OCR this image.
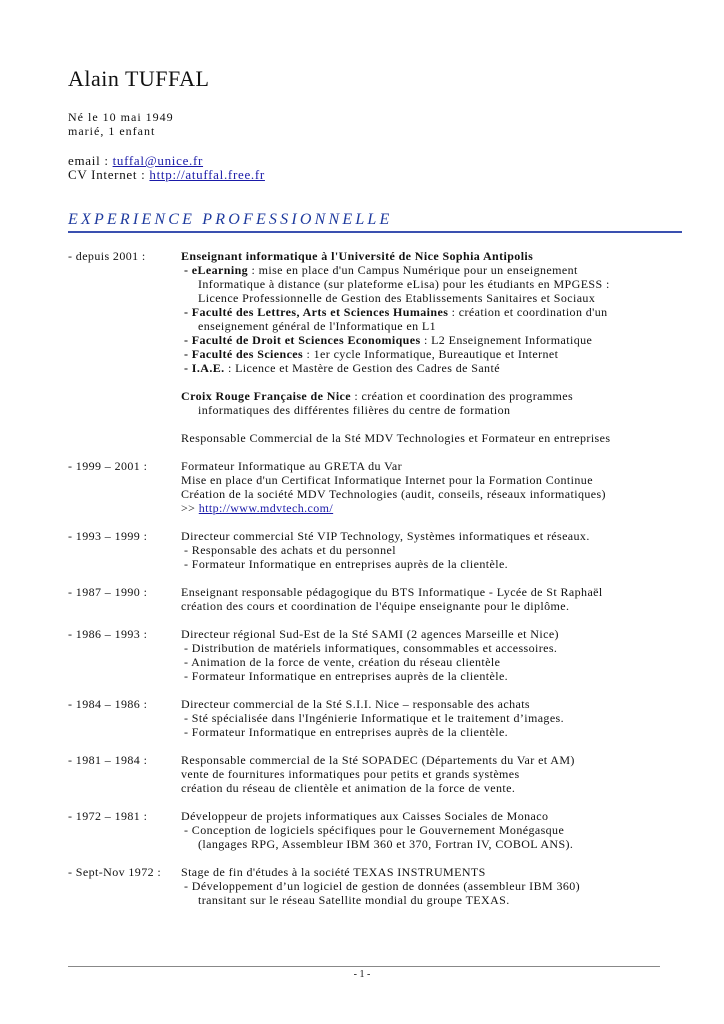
Alain TUFFAL
Né le 10 mai 1949
marié, 1 enfant
email : tuffal@unice.fr
CV Internet : http://atuffal.free.fr
EXPERIENCE PROFESSIONNELLE
- depuis 2001 :	Enseignant informatique à l'Université de Nice Sophia Antipolis
- eLearning : mise en place d'un Campus Numérique pour un enseignement
Informatique à distance (sur plateforme eLisa) pour les étudiants en MPGESS :
Licence Professionnelle de Gestion des Etablissements Sanitaires et Sociaux
- Faculté des Lettres, Arts et Sciences Humaines : création et coordination d'un
enseignement général de l'Informatique en L1
- Faculté de Droit et Sciences Economiques : L2 Enseignement Informatique
- Faculté des Sciences : 1er cycle Informatique, Bureautique et Internet
- I.A.E. : Licence et Mastère de Gestion des Cadres de Santé
Croix Rouge Française de Nice : création et coordination des programmes
informatiques des différentes filières du centre de formation
Responsable Commercial de la Sté MDV Technologies et Formateur en entreprises
- 1999 – 2001 :	Formateur Informatique au GRETA du Var
Mise en place d'un Certificat Informatique Internet pour la Formation Continue
Création de la société MDV Technologies (audit, conseils, réseaux informatiques)
>> http://www.mdvtech.com/
- 1993 – 1999 :	Directeur commercial Sté VIP Technology, Systèmes informatiques et réseaux.
- Responsable des achats et du personnel
- Formateur Informatique en entreprises auprès de la clientèle.
- 1987 – 1990 :	Enseignant responsable pédagogique du BTS Informatique - Lycée de St Raphaël
création des cours et coordination de l'équipe enseignante pour le diplôme.
- 1986 – 1993 :	Directeur régional Sud-Est de la Sté SAMI (2 agences Marseille et Nice)
- Distribution de matériels informatiques, consommables et accessoires.
- Animation de la force de vente, création du réseau clientèle
- Formateur Informatique en entreprises auprès de la clientèle.
- 1984 – 1986 :	Directeur commercial de la Sté S.I.I. Nice – responsable des achats
- Sté spécialisée dans l'Ingénierie Informatique et le traitement d’images.
- Formateur Informatique en entreprises auprès de la clientèle.
- 1981 – 1984 :	Responsable commercial de la Sté SOPADEC (Départements du Var et AM)
vente de fournitures informatiques pour petits et grands systèmes
création du réseau de clientèle et animation de la force de vente.
- 1972 – 1981 :	Développeur de projets informatiques aux Caisses Sociales de Monaco
- Conception de logiciels spécifiques pour le Gouvernement Monégasque
(langages RPG, Assembleur IBM 360 et 370, Fortran IV, COBOL ANS).
- Sept-Nov 1972 :	Stage de fin d'études à la société TEXAS INSTRUMENTS
- Développement d’un logiciel de gestion de données (assembleur IBM 360)
transitant sur le réseau Satellite mondial du groupe TEXAS.
- 1 -
